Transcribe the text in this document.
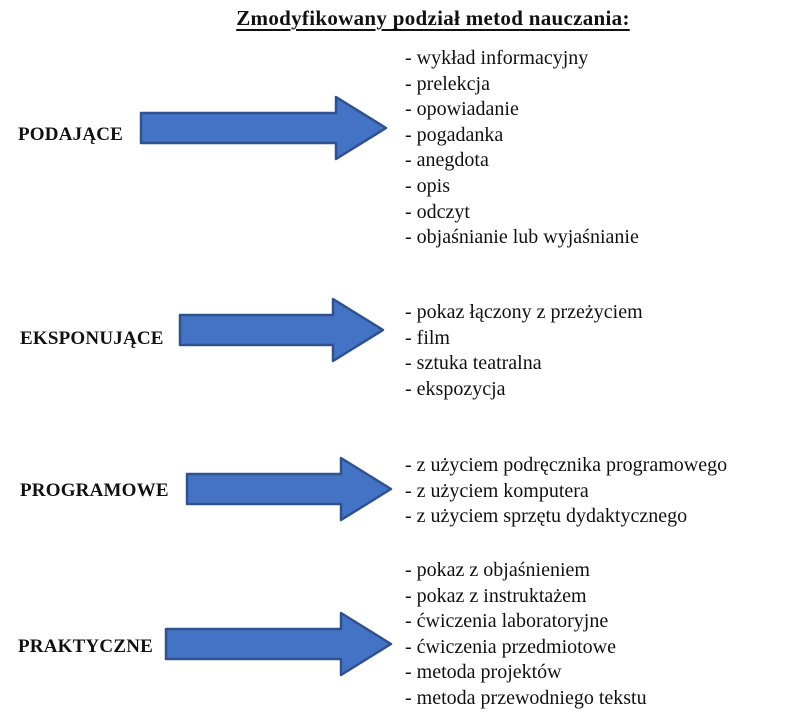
Zmodyfikowany podział metod nauczania:
PODAJĄCE
- wykład informacyjny
- prelekcja
- opowiadanie
- pogadanka
- anegdota
- opis
- odczyt
- objaśnianie lub wyjaśnianie
EKSPONUJĄCE
- pokaz łączony z przeżyciem
- film
- sztuka teatralna
- ekspozycja
PROGRAMOWE
- z użyciem podręcznika programowego
- z użyciem komputera
- z użyciem sprzętu dydaktycznego
PRAKTYCZNE
- pokaz z objaśnieniem
- pokaz z instruktażem
- ćwiczenia laboratoryjne
- ćwiczenia przedmiotowe
- metoda projektów
- metoda przewodniego tekstu
